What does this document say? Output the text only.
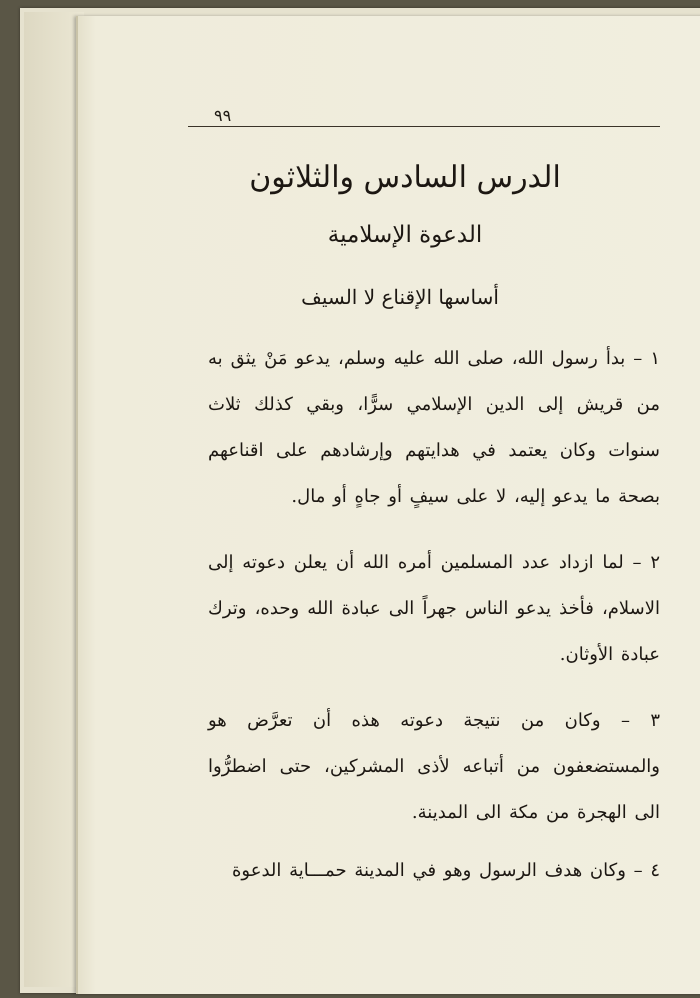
٩٩
الدرس السادس والثلاثون
الدعوة الإسلامية
أساسها الإقناع لا السيف
١ – بدأ رسول الله، صلى الله عليه وسلم، يدعو مَنْ يثق به من قريش إلى الدين الإسلامي سرًّا، وبقي كذلك ثلاث سنوات وكان يعتمد في هدايتهم وإرشادهم على اقناعهم بصحة ما يدعو إليه، لا على سيفٍ أو جاهٍ أو مال.
٢ – لما ازداد عدد المسلمين أمره الله أن يعلن دعوته إلى الاسلام، فأخذ يدعو الناس جهراً الى عبادة الله وحده، وترك عبادة الأوثان.
٣ – وكان من نتيجة دعوته هذه أن تعرَّض هو والمستضعفون من أتباعه لأذى المشركين، حتى اضطرُّوا الى الهجرة من مكة الى المدينة.
٤ – وكان هدف الرسول وهو في المدينة حمـــاية الدعوة
